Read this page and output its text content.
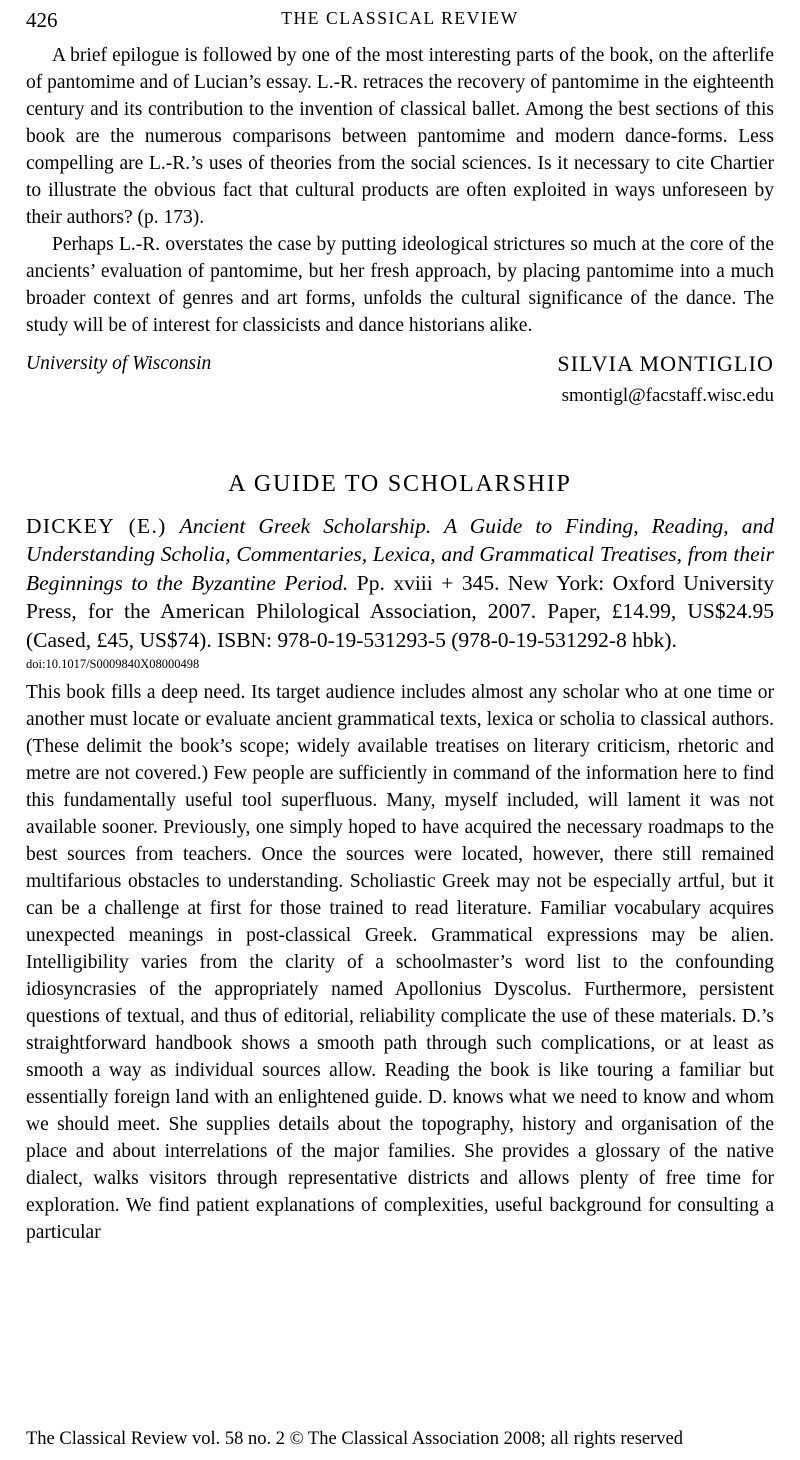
426	THE CLASSICAL REVIEW

A brief epilogue is followed by one of the most interesting parts of the book, on the afterlife of pantomime and of Lucian’s essay. L.-R. retraces the recovery of pantomime in the eighteenth century and its contribution to the invention of classical ballet. Among the best sections of this book are the numerous comparisons between pantomime and modern dance-forms. Less compelling are L.-R.’s uses of theories from the social sciences. Is it necessary to cite Chartier to illustrate the obvious fact that cultural products are often exploited in ways unforeseen by their authors? (p. 173).

Perhaps L.-R. overstates the case by putting ideological strictures so much at the core of the ancients’ evaluation of pantomime, but her fresh approach, by placing pantomime into a much broader context of genres and art forms, unfolds the cultural significance of the dance. The study will be of interest for classicists and dance historians alike.

University of Wisconsin	SILVIA MONTIGLIO
smontigl@facstaff.wisc.edu
A GUIDE TO SCHOLARSHIP

DICKEY (E.) Ancient Greek Scholarship. A Guide to Finding, Reading, and Understanding Scholia, Commentaries, Lexica, and Grammatical Treatises, from their Beginnings to the Byzantine Period. Pp. xviii + 345. New York: Oxford University Press, for the American Philological Association, 2007. Paper, £14.99, US$24.95 (Cased, £45, US$74). ISBN: 978-0-19-531293-5 (978-0-19-531292-8 hbk).

doi:10.1017/S0009840X08000498

This book fills a deep need. Its target audience includes almost any scholar who at one time or another must locate or evaluate ancient grammatical texts, lexica or scholia to classical authors. (These delimit the book’s scope; widely available treatises on literary criticism, rhetoric and metre are not covered.) Few people are sufficiently in command of the information here to find this fundamentally useful tool superfluous. Many, myself included, will lament it was not available sooner. Previously, one simply hoped to have acquired the necessary roadmaps to the best sources from teachers. Once the sources were located, however, there still remained multifarious obstacles to understanding. Scholiastic Greek may not be especially artful, but it can be a challenge at first for those trained to read literature. Familiar vocabulary acquires unexpected meanings in post-classical Greek. Grammatical expressions may be alien. Intelligibility varies from the clarity of a schoolmaster’s word list to the confounding idiosyncrasies of the appropriately named Apollonius Dyscolus. Furthermore, persistent questions of textual, and thus of editorial, reliability complicate the use of these materials. D.’s straightforward handbook shows a smooth path through such complications, or at least as smooth a way as individual sources allow. Reading the book is like touring a familiar but essentially foreign land with an enlightened guide. D. knows what we need to know and whom we should meet. She supplies details about the topography, history and organisation of the place and about interrelations of the major families. She provides a glossary of the native dialect, walks visitors through representative districts and allows plenty of free time for exploration. We find patient explanations of complexities, useful background for consulting a particular

The Classical Review vol. 58 no. 2 © The Classical Association 2008; all rights reserved
